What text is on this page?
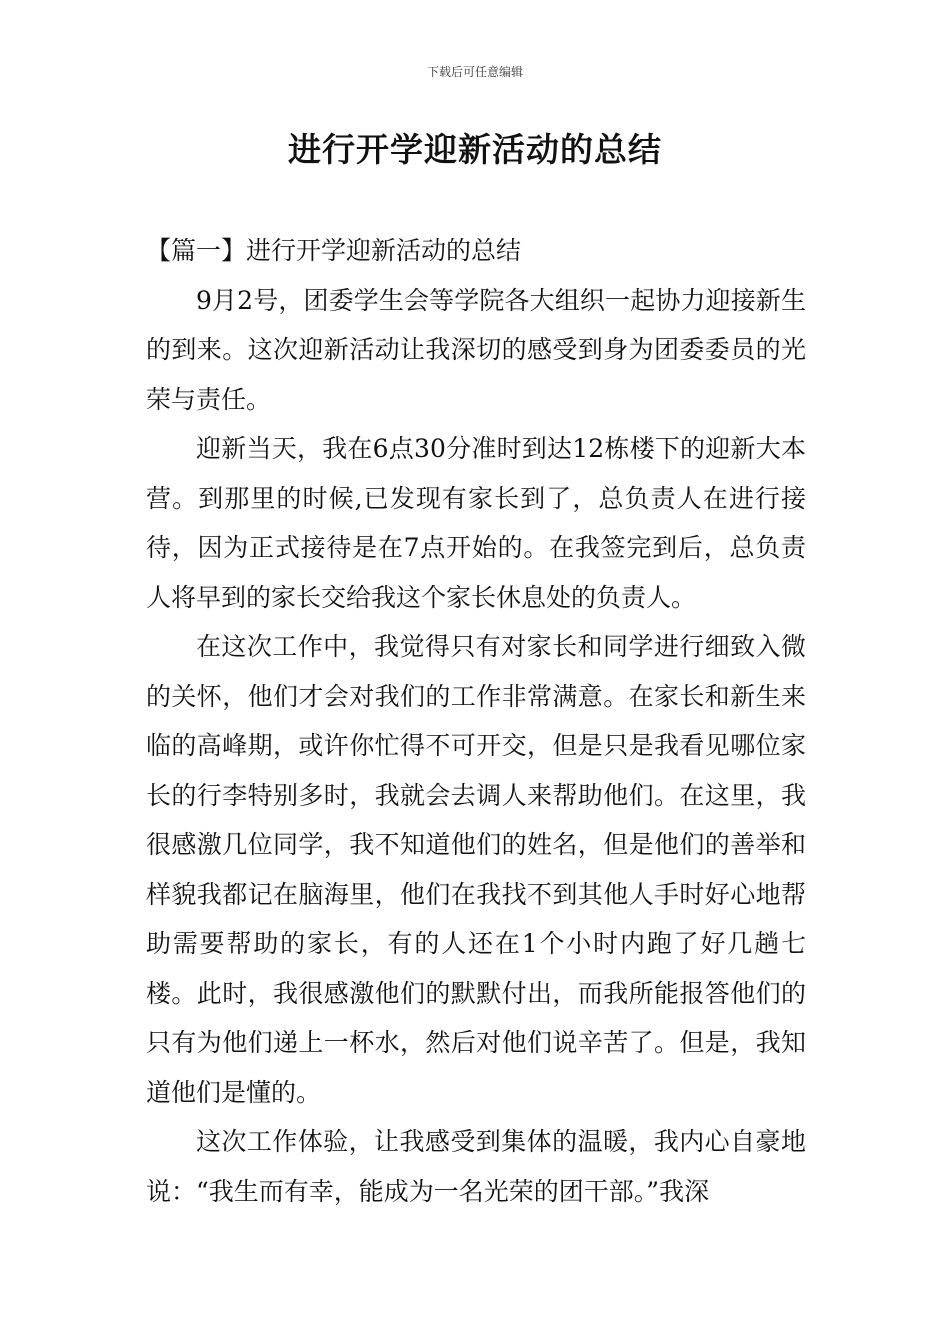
下载后可任意编辑
进行开学迎新活动的总结

【篇一】进行开学迎新活动的总结

9月2号，团委学生会等学院各大组织一起协力迎接新生的到来。这次迎新活动让我深切的感受到身为团委委员的光荣与责任。

迎新当天，我在6点30分准时到达12栋楼下的迎新大本营。到那里的时候,已发现有家长到了，总负责人在进行接待，因为正式接待是在7点开始的。在我签完到后，总负责人将早到的家长交给我这个家长休息处的负责人。

在这次工作中，我觉得只有对家长和同学进行细致入微的关怀，他们才会对我们的工作非常满意。在家长和新生来临的高峰期，或许你忙得不可开交，但是只是我看见哪位家长的行李特别多时，我就会去调人来帮助他们。在这里，我很感激几位同学，我不知道他们的姓名，但是他们的善举和样貌我都记在脑海里，他们在我找不到其他人手时好心地帮助需要帮助的家长，有的人还在1个小时内跑了好几趟七楼。此时，我很感激他们的默默付出，而我所能报答他们的只有为他们递上一杯水，然后对他们说辛苦了。但是，我知道他们是懂的。

这次工作体验，让我感受到集体的温暖，我内心自豪地说：“我生而有幸，能成为一名光荣的团干部。”我深
